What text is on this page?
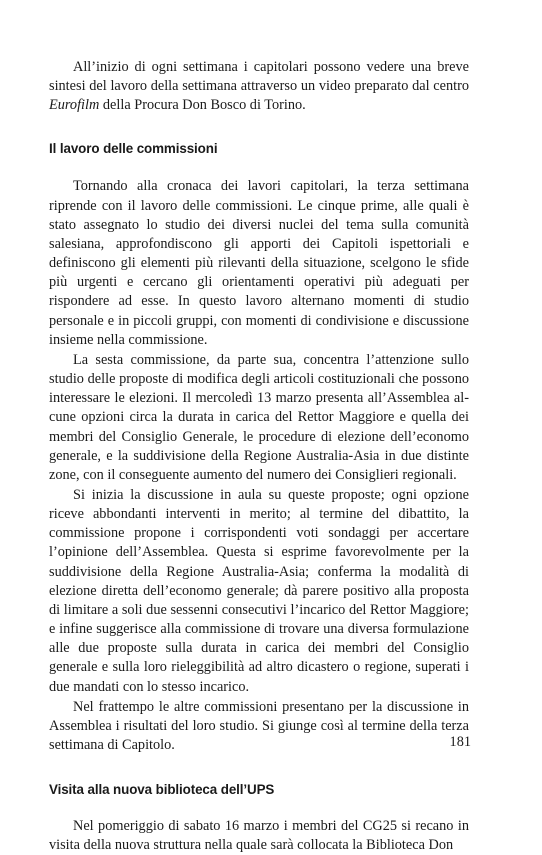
All’inizio di ogni settimana i capitolari possono vedere una breve sintesi del lavoro della settimana attraverso un video preparato dal centro Eurofilm della Procura Don Bosco di Torino.

Il lavoro delle commissioni

Tornando alla cronaca dei lavori capitolari, la terza settimana riprende con il lavoro delle commissioni. Le cinque prime, alle quali è stato assegnato lo studio dei diversi nuclei del tema sulla comunità salesiana, approfondiscono gli apporti dei Capitoli ispettoriali e definiscono gli elementi più rilevanti della situazione, scelgono le sfide più urgenti e cercano gli orientamenti operativi più adeguati per rispondere ad esse. In questo lavoro alternano momenti di studio personale e in piccoli gruppi, con momenti di condivisione e discussione insieme nella commissione.

La sesta commissione, da parte sua, concentra l’attenzione sullo studio delle proposte di modifica degli articoli costituzionali che possono interessare le elezioni. Il mercoledì 13 marzo presenta all’Assemblea alcune opzioni circa la durata in carica del Rettor Maggiore e quella dei membri del Consiglio Generale, le procedure di elezione dell’economo generale, e la suddivisione della Regione Australia-Asia in due distinte zone, con il conseguente aumento del numero dei Consiglieri regionali.

Si inizia la discussione in aula su queste proposte; ogni opzione riceve abbondanti interventi in merito; al termine del dibattito, la commissione propone i corrispondenti voti sondaggi per accertare l’opinione dell’Assemblea. Questa si esprime favorevolmente per la suddivisione della Regione Australia-Asia; conferma la modalità di elezione diretta dell’economo generale; dà parere positivo alla proposta di limitare a soli due sessenni consecutivi l’incarico del Rettor Maggiore; e infine suggerisce alla commissione di trovare una diversa formulazione alle due proposte sulla durata in carica dei membri del Consiglio generale e sulla loro rieleggibilità ad altro dicastero o regione, superati i due mandati con lo stesso incarico.

Nel frattempo le altre commissioni presentano per la discussione in Assemblea i risultati del loro studio. Si giunge così al termine della terza settimana di Capitolo.

Visita alla nuova biblioteca dell’UPS

Nel pomeriggio di sabato 16 marzo i membri del CG25 si recano in visita della nuova struttura nella quale sarà collocata la Biblioteca Don

181
